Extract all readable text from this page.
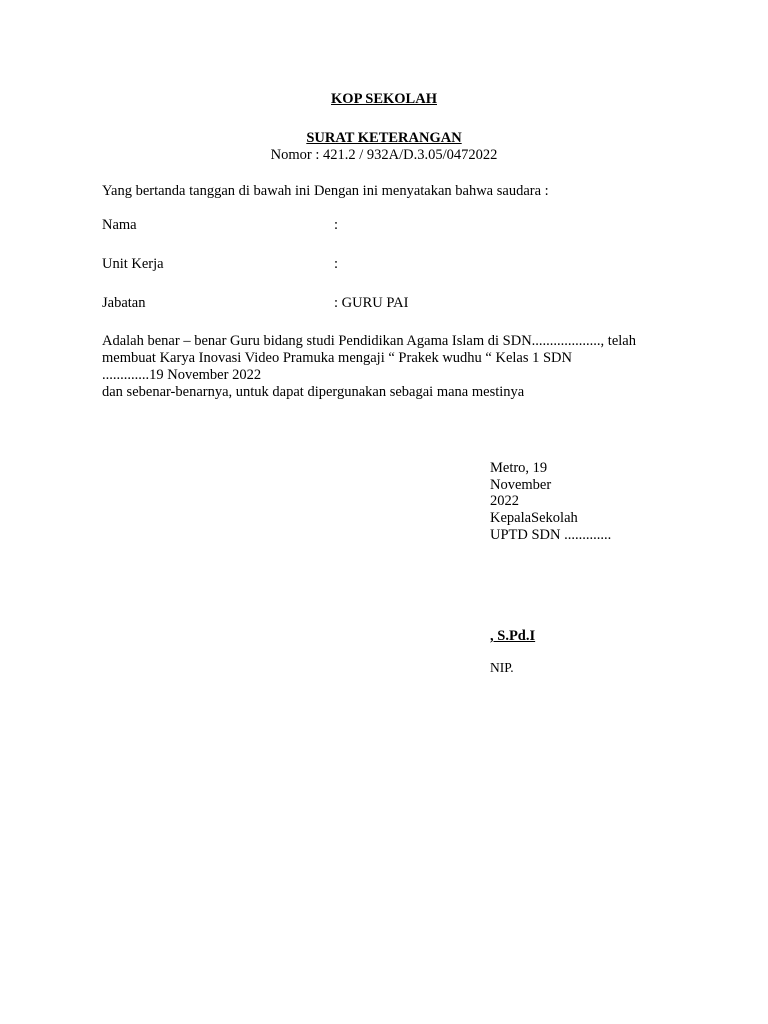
KOP SEKOLAH
SURAT KETERANGAN
Nomor : 421.2 / 932A/D.3.05/0472022
Yang bertanda tanggan di bawah ini Dengan ini menyatakan bahwa saudara :
Nama	:
Unit Kerja	:
Jabatan	: GURU PAI
Adalah benar – benar Guru bidang studi Pendidikan Agama Islam di SDN..................., telah
membuat Karya Inovasi Video Pramuka mengaji “ Prakek wudhu “ Kelas 1 SDN
.............19 November 2022
dan sebenar-benarnya, untuk dapat dipergunakan sebagai mana mestinya
Metro, 19
November
2022
KepalaSekolah
UPTD SDN .............
, S.Pd.I
NIP.
